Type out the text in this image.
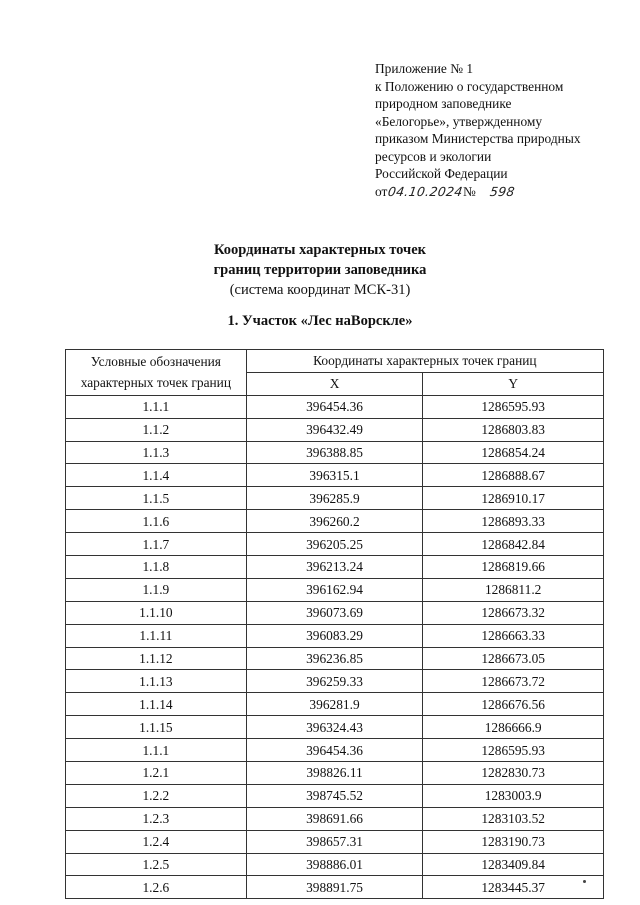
Приложение № 1
к Положению о государственном
природном заповеднике
«Белогорье», утвержденному
приказом Министерства природных
ресурсов и экологии
Российской Федерации
от 04.10.2024
№ 598
Координаты характерных точек
границ территории заповедника
(система координат МСК-31)
1. Участок «Лес наВорскле»
Условные обозначения характерных точек границ	Координаты характерных точек границ	
	X	Y
1.1.1	396454.36	1286595.93
1.1.2	396432.49	1286803.83
1.1.3	396388.85	1286854.24
1.1.4	396315.1	1286888.67
1.1.5	396285.9	1286910.17
1.1.6	396260.2	1286893.33
1.1.7	396205.25	1286842.84
1.1.8	396213.24	1286819.66
1.1.9	396162.94	1286811.2
1.1.10	396073.69	1286673.32
1.1.11	396083.29	1286663.33
1.1.12	396236.85	1286673.05
1.1.13	396259.33	1286673.72
1.1.14	396281.9	1286676.56
1.1.15	396324.43	1286666.9
1.1.1	396454.36	1286595.93
1.2.1	398826.11	1282830.73
1.2.2	398745.52	1283003.9
1.2.3	398691.66	1283103.52
1.2.4	398657.31	1283190.73
1.2.5	398886.01	1283409.84
1.2.6	398891.75	1283445.37
